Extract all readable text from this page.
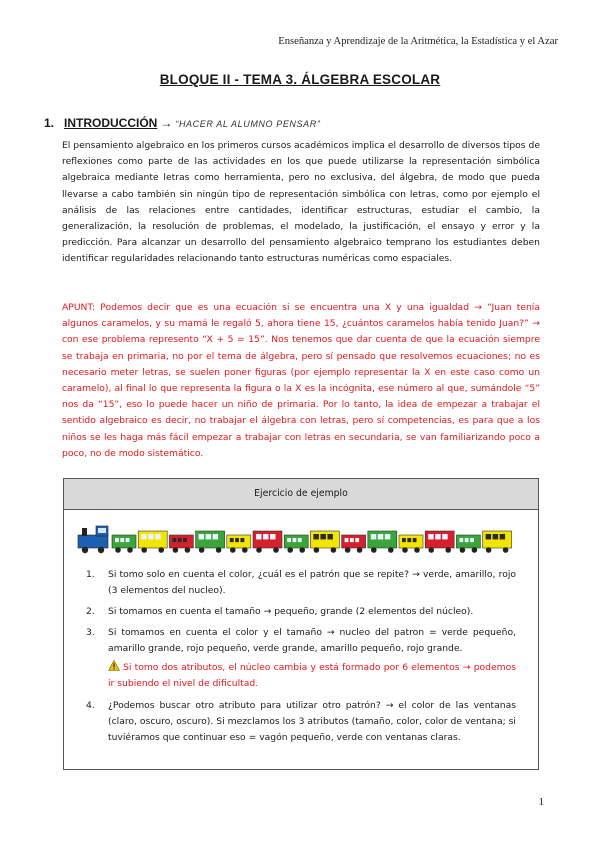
Enseñanza y Aprendizaje de la Aritmética, la Estadística y el Azar
BLOQUE II - TEMA 3. ÁLGEBRA ESCOLAR
1. INTRODUCCIÓN → “HACER AL ALUMNO PENSAR”
El pensamiento algebraico en los primeros cursos académicos implica el desarrollo de diversos tipos de reflexiones como parte de las actividades en los que puede utilizarse la representación simbólica algebraica mediante letras como herramienta, pero no exclusiva, del álgebra, de modo que pueda llevarse a cabo también sin ningún tipo de representación simbólica con letras, como por ejemplo el análisis de las relaciones entre cantidades, identificar estructuras, estudiar el cambio, la generalización, la resolución de problemas, el modelado, la justificación, el ensayo y error y la predicción. Para alcanzar un desarrollo del pensamiento algebraico temprano los estudiantes deben identificar regularidades relacionando tanto estructuras numéricas como espaciales.
APUNT: Podemos decir que es una ecuación si se encuentra una X y una igualdad → “Juan tenía algunos caramelos, y su mamá le regaló 5, ahora tiene 15, ¿cuántos caramelos había tenido Juan?” → con ese problema represento “X + 5 = 15”. Nos tenemos que dar cuenta de que la ecuación siempre se trabaja en primaria, no por el tema de álgebra, pero sí pensado que resolvemos ecuaciones; no es necesario meter letras, se suelen poner figuras (por ejemplo representar la X en este caso como un caramelo), al final lo que representa la figura o la X es la incógnita, ese número al que, sumándole “5” nos da “15”, eso lo puede hacer un niño de primaria. Por lo tanto, la idea de empezar a trabajar el sentido algebraico es decir, no trabajar el álgebra con letras, pero sí competencias, es para que a los niños se les haga más fácil empezar a trabajar con letras en secundaria, se van familiarizando poco a poco, no de modo sistemático.
Ejercicio de ejemplo
1. Si tomo solo en cuenta el color, ¿cuál es el patrón que se repite? → verde, amarillo, rojo (3 elementos del nucleo).
2. Si tomamos en cuenta el tamaño → pequeño, grande (2 elementos del núcleo).
3. Si tomamos en cuenta el color y el tamaño → nucleo del patron = verde pequeño, amarillo grande, rojo pequeño, verde grande, amarillo pequeño, rojo grande.
Si tomo dos atributos, el núcleo cambia y está formado por 6 elementos → podemos ir subiendo el nivel de dificultad.
4. ¿Podemos buscar otro atributo para utilizar otro patrón? → el color de las ventanas (claro, oscuro, oscuro). Si mezclamos los 3 atributos (tamaño, color, color de ventana; si tuviéramos que continuar eso = vagón pequeño, verde con ventanas claras.
1
